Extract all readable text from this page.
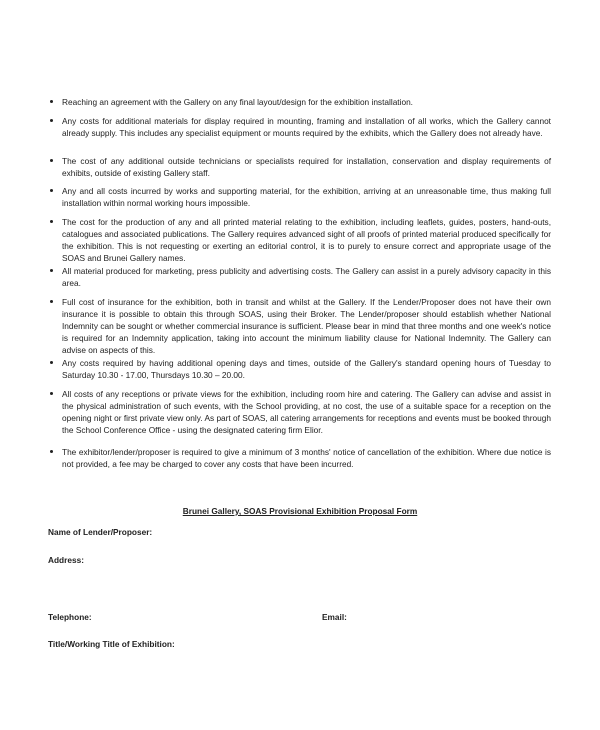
Reaching an agreement with the Gallery on any final layout/design for the exhibition installation.
Any costs for additional materials for display required in mounting, framing and installation of all works, which the Gallery cannot already supply. This includes any specialist equipment or mounts required by the exhibits, which the Gallery does not already have.
The cost of any additional outside technicians or specialists required for installation, conservation and display requirements of exhibits, outside of existing Gallery staff.
Any and all costs incurred by works and supporting material, for the exhibition, arriving at an unreasonable time, thus making full installation within normal working hours impossible.
The cost for the production of any and all printed material relating to the exhibition, including leaflets, guides, posters, hand-outs, catalogues and associated publications. The Gallery requires advanced sight of all proofs of printed material produced specifically for the exhibition. This is not requesting or exerting an editorial control, it is to purely to ensure correct and appropriate usage of the SOAS and Brunei Gallery names.
All material produced for marketing, press publicity and advertising costs. The Gallery can assist in a purely advisory capacity in this area.
Full cost of insurance for the exhibition, both in transit and whilst at the Gallery. If the Lender/Proposer does not have their own insurance it is possible to obtain this through SOAS, using their Broker. The Lender/proposer should establish whether National Indemnity can be sought or whether commercial insurance is sufficient. Please bear in mind that three months and one week's notice is required for an Indemnity application, taking into account the minimum liability clause for National Indemnity. The Gallery can advise on aspects of this.
Any costs required by having additional opening days and times, outside of the Gallery's standard opening hours of Tuesday to Saturday 10.30 - 17.00, Thursdays 10.30 – 20.00.
All costs of any receptions or private views for the exhibition, including room hire and catering. The Gallery can advise and assist in the physical administration of such events, with the School providing, at no cost, the use of a suitable space for a reception on the opening night or first private view only. As part of SOAS, all catering arrangements for receptions and events must be booked through the School Conference Office - using the designated catering firm Elior.
The exhibitor/lender/proposer is required to give a minimum of 3 months' notice of cancellation of the exhibition. Where due notice is not provided, a fee may be charged to cover any costs that have been incurred.
Brunei Gallery, SOAS Provisional Exhibition Proposal Form
Name of Lender/Proposer:
Address:
Telephone:	Email:
Title/Working Title of Exhibition:
